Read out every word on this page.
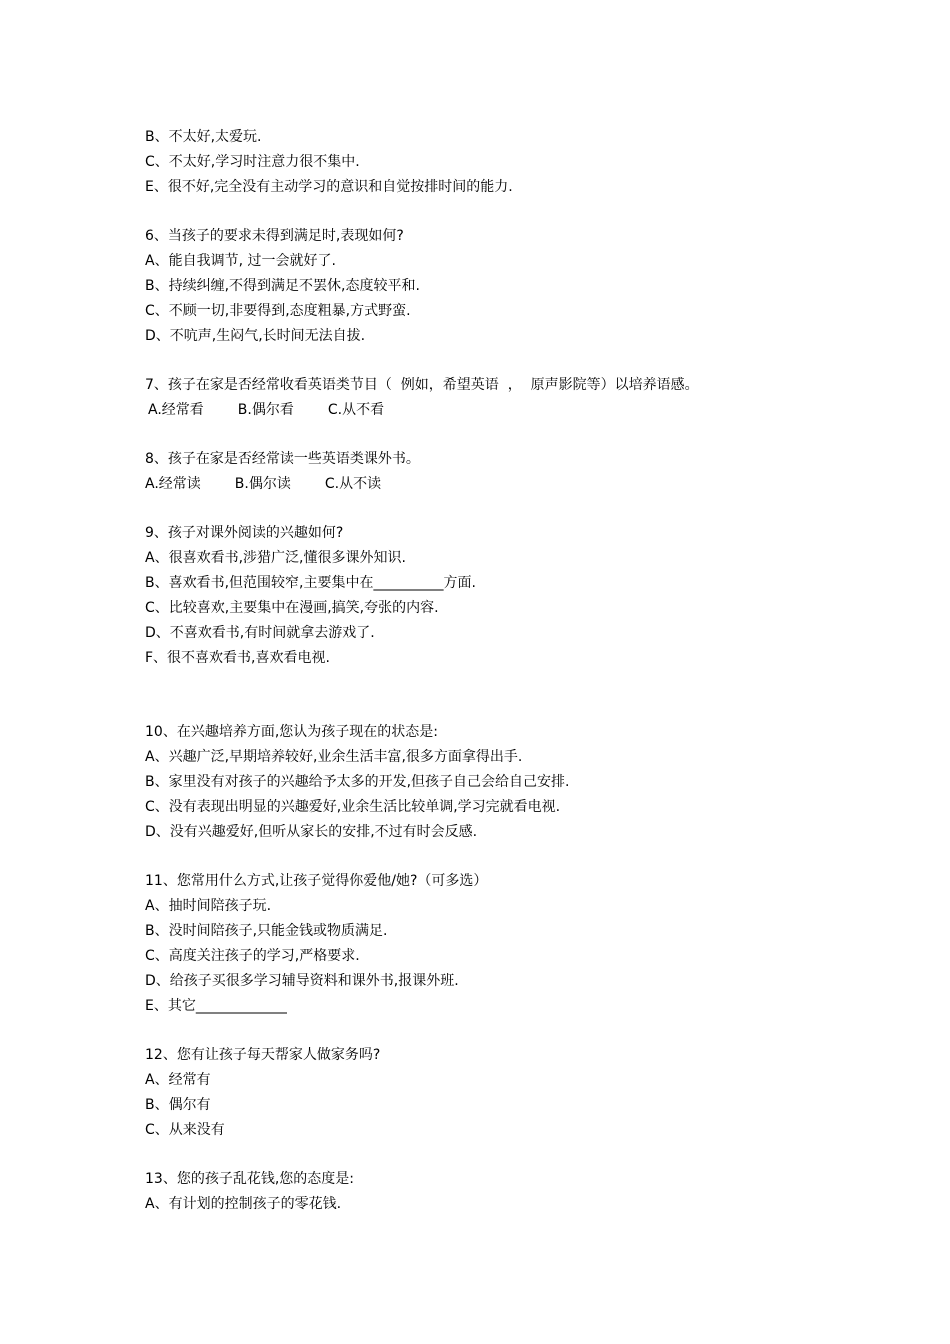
B、不太好,太爱玩.
C、不太好,学习时注意力很不集中.
E、很不好,完全没有主动学习的意识和自觉按排时间的能力.
6、当孩子的要求未得到满足时,表现如何?
A、能自我调节, 过一会就好了.
B、持续纠缠,不得到满足不罢休,态度较平和.
C、不顾一切,非要得到,态度粗暴,方式野蛮.
D、不吭声,生闷气,长时间无法自拔.
7、孩子在家是否经常收看英语类节目（  例如，希望英语  ，  原声影院等）以培养语感。
A.经常看 B.偶尔看 C.从不看
8、孩子在家是否经常读一些英语类课外书。
A.经常读 B.偶尔读 C.从不读
9、孩子对课外阅读的兴趣如何?
A、很喜欢看书,涉猎广泛,懂很多课外知识.
B、喜欢看书,但范围较窄,主要集中在__________方面.
C、比较喜欢,主要集中在漫画,搞笑,夸张的内容.
D、不喜欢看书,有时间就拿去游戏了.
F、很不喜欢看书,喜欢看电视.
10、在兴趣培养方面,您认为孩子现在的状态是:
A、兴趣广泛,早期培养较好,业余生活丰富,很多方面拿得出手.
B、家里没有对孩子的兴趣给予太多的开发,但孩子自己会给自己安排.
C、没有表现出明显的兴趣爱好,业余生活比较单调,学习完就看电视.
D、没有兴趣爱好,但听从家长的安排,不过有时会反感.
11、您常用什么方式,让孩子觉得你爱他/她?（可多选）
A、抽时间陪孩子玩.
B、没时间陪孩子,只能金钱或物质满足.
C、高度关注孩子的学习,严格要求.
D、给孩子买很多学习辅导资料和课外书,报课外班.
E、其它_____________
12、您有让孩子每天帮家人做家务吗?
A、经常有
B、偶尔有
C、从来没有
13、您的孩子乱花钱,您的态度是:
A、有计划的控制孩子的零花钱.
